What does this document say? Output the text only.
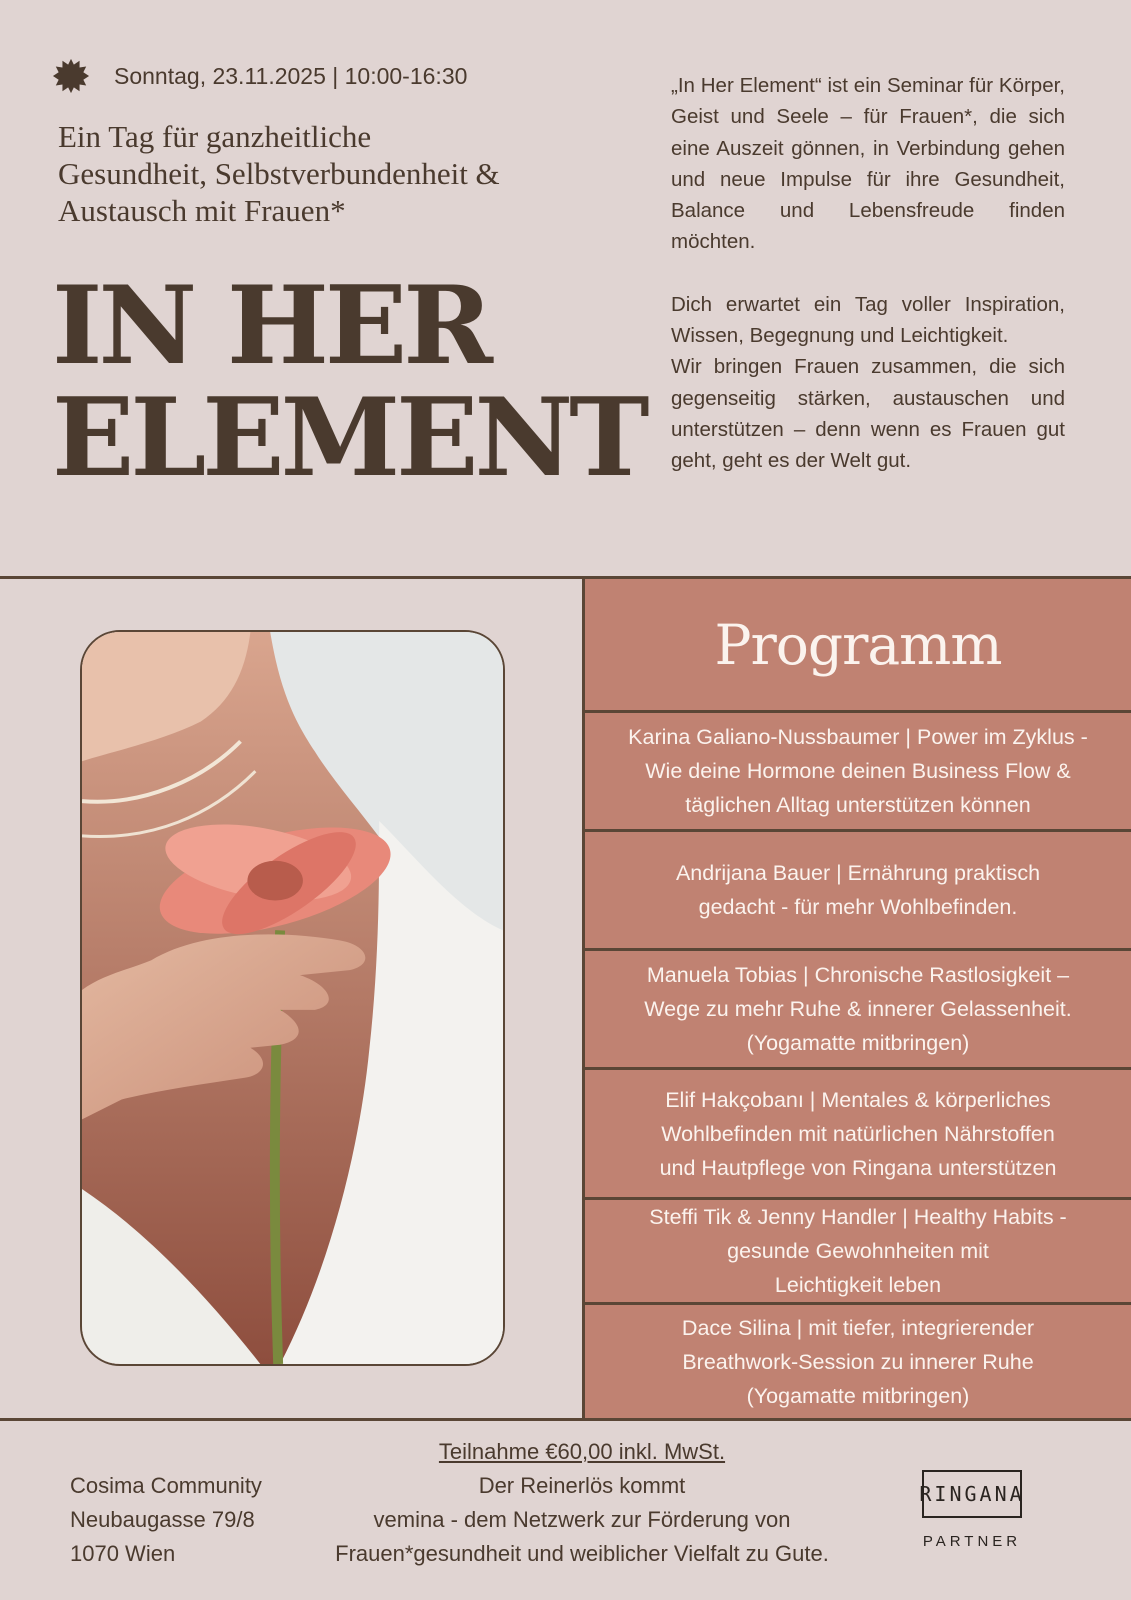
Sonntag, 23.11.2025 | 10:00-16:30
Ein Tag für ganzheitliche
Gesundheit, Selbstverbundenheit &
Austausch mit Frauen*
IN HER
ELEMENT

„In Her Element“ ist ein Seminar für Körper, Geist und Seele – für Frauen*, die sich eine Auszeit gönnen, in Verbindung gehen und neue Impulse für ihre Gesundheit, Balance und Lebensfreude finden möchten.

Dich erwartet ein Tag voller Inspiration, Wissen, Begegnung und Leichtigkeit.

Wir bringen Frauen zusammen, die sich gegenseitig stärken, austauschen und unterstützen – denn wenn es Frauen gut geht, geht es der Welt gut.

Programm
Karina Galiano-Nussbaumer | Power im Zyklus -
Wie deine Hormone deinen Business Flow &
täglichen Alltag unterstützen können
Andrijana Bauer | Ernährung praktisch
gedacht - für mehr Wohlbefinden.
Manuela Tobias | Chronische Rastlosigkeit –
Wege zu mehr Ruhe & innerer Gelassenheit.
(Yogamatte mitbringen)
Elif Hakçobanı | Mentales & körperliches
Wohlbefinden mit natürlichen Nährstoffen
und Hautpflege von Ringana unterstützen
Steffi Tik & Jenny Handler | Healthy Habits -
gesunde Gewohnheiten mit
Leichtigkeit leben
Dace Silina | mit tiefer, integrierender
Breathwork-Session zu innerer Ruhe
(Yogamatte mitbringen)
Cosima Community
Neubaugasse 79/8
1070 Wien
Teilnahme €60,00 inkl. MwSt.
Der Reinerlös kommt
vemina - dem Netzwerk zur Förderung von
Frauen*gesundheit und weiblicher Vielfalt zu Gute.
RINGANA
PARTNER
